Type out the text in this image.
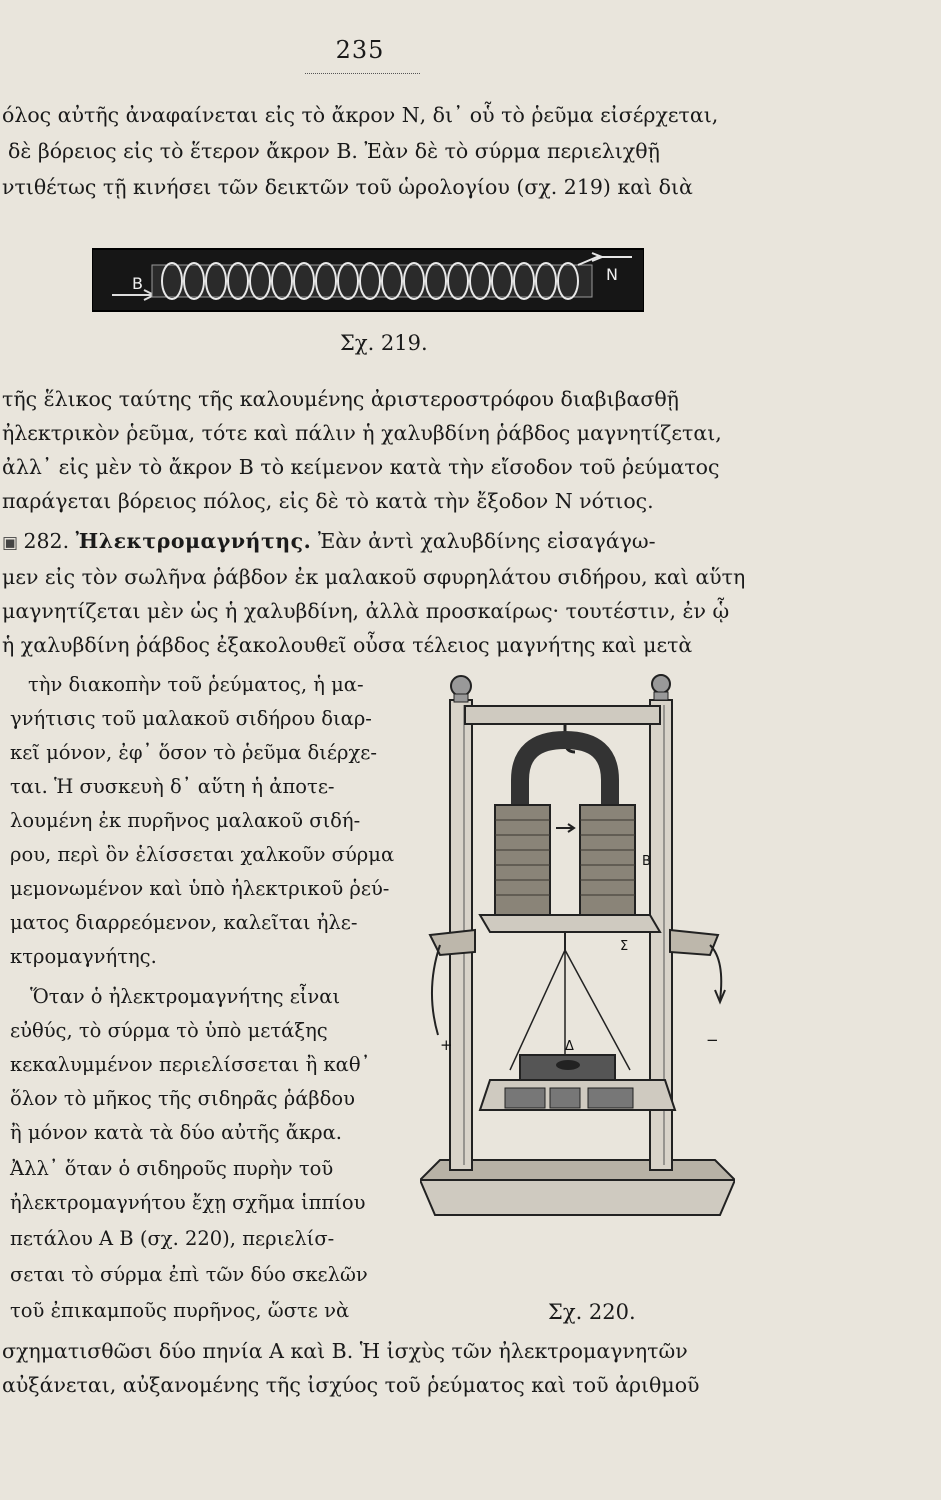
235
όλος αὐτῆς ἀναφαίνεται εἰς τὸ ἄκρον Ν, δι᾽ οὗ τὸ ῥεῦμα εἰσέρχεται,
δὲ βόρειος εἰς τὸ ἕτερον ἄκρον Β. Ἐὰν δὲ τὸ σύρμα περιελιχθῇ
ντιθέτως τῇ κινήσει τῶν δεικτῶν τοῦ ὡρολογίου (σχ. 219) καὶ διὰ
B	N
Σχ. 219.
τῆς ἕλικος ταύτης τῆς καλουμένης ἀριστεροστρόφου διαβιβασθῇ
ἠλεκτρικὸν ῥεῦμα, τότε καὶ πάλιν ἡ χαλυβδίνη ῥάβδος μαγνητίζεται,
ἀλλ᾽ εἰς μὲν τὸ ἄκρον Β τὸ κείμενον κατὰ τὴν εἴσοδον τοῦ ῥεύματος
παράγεται βόρειος πόλος, εἰς δὲ τὸ κατὰ τὴν ἔξοδον Ν νότιος.
▣ 282. Ἠλεκτρομαγνήτης. Ἐὰν ἀντὶ χαλυβδίνης εἰσαγάγω-
μεν εἰς τὸν σωλῆνα ῥάβδον ἐκ μαλακοῦ σφυρηλάτου σιδήρου, καὶ αὕτη
μαγνητίζεται μὲν ὡς ἡ χαλυβδίνη, ἀλλὰ προσκαίρως· τουτέστιν, ἐν ᾧ
ἡ χαλυβδίνη ῥάβδος ἐξακολουθεῖ οὖσα τέλειος μαγνήτης καὶ μετὰ
τὴν διακοπὴν τοῦ ῥεύματος, ἡ μα-
γνήτισις τοῦ μαλακοῦ σιδήρου διαρ-
κεῖ μόνον, ἐφ᾽ ὅσον τὸ ῥεῦμα διέρχε-
ται. Ἡ συσκευὴ δ᾽ αὕτη ἡ ἀποτε-
λουμένη ἐκ πυρῆνος μαλακοῦ σιδή-
ρου, περὶ ὃν ἑλίσσεται χαλκοῦν σύρμα
μεμονωμένον καὶ ὑπὸ ἠλεκτρικοῦ ῥεύ-
ματος διαρρεόμενον, καλεῖται ἠλε-
κτρομαγνήτης.
Ὅταν ὁ ἠλεκτρομαγνήτης εἶναι
εὐθύς, τὸ σύρμα τὸ ὑπὸ μετάξης
κεκαλυμμένον περιελίσσεται ἢ καθ᾽
ὅλον τὸ μῆκος τῆς σιδηρᾶς ῥάβδου
ἢ μόνον κατὰ τὰ δύο αὐτῆς ἄκρα.
Ἀλλ᾽ ὅταν ὁ σιδηροῦς πυρὴν τοῦ
ἠλεκτρομαγνήτου ἔχῃ σχῆμα ἱππίου
πετάλου Α Β (σχ. 220), περιελίσ-
σεται τὸ σύρμα ἐπὶ τῶν δύο σκελῶν
τοῦ ἐπικαμποῦς πυρῆνος, ὥστε νὰ
Β
Σ
Δ
+	−
Σχ. 220.
σχηματισθῶσι δύο πηνία Α καὶ Β. Ἡ ἰσχὺς τῶν ἠλεκτρομαγνητῶν
αὐξάνεται, αὐξανομένης τῆς ἰσχύος τοῦ ῥεύματος καὶ τοῦ ἀριθμοῦ
